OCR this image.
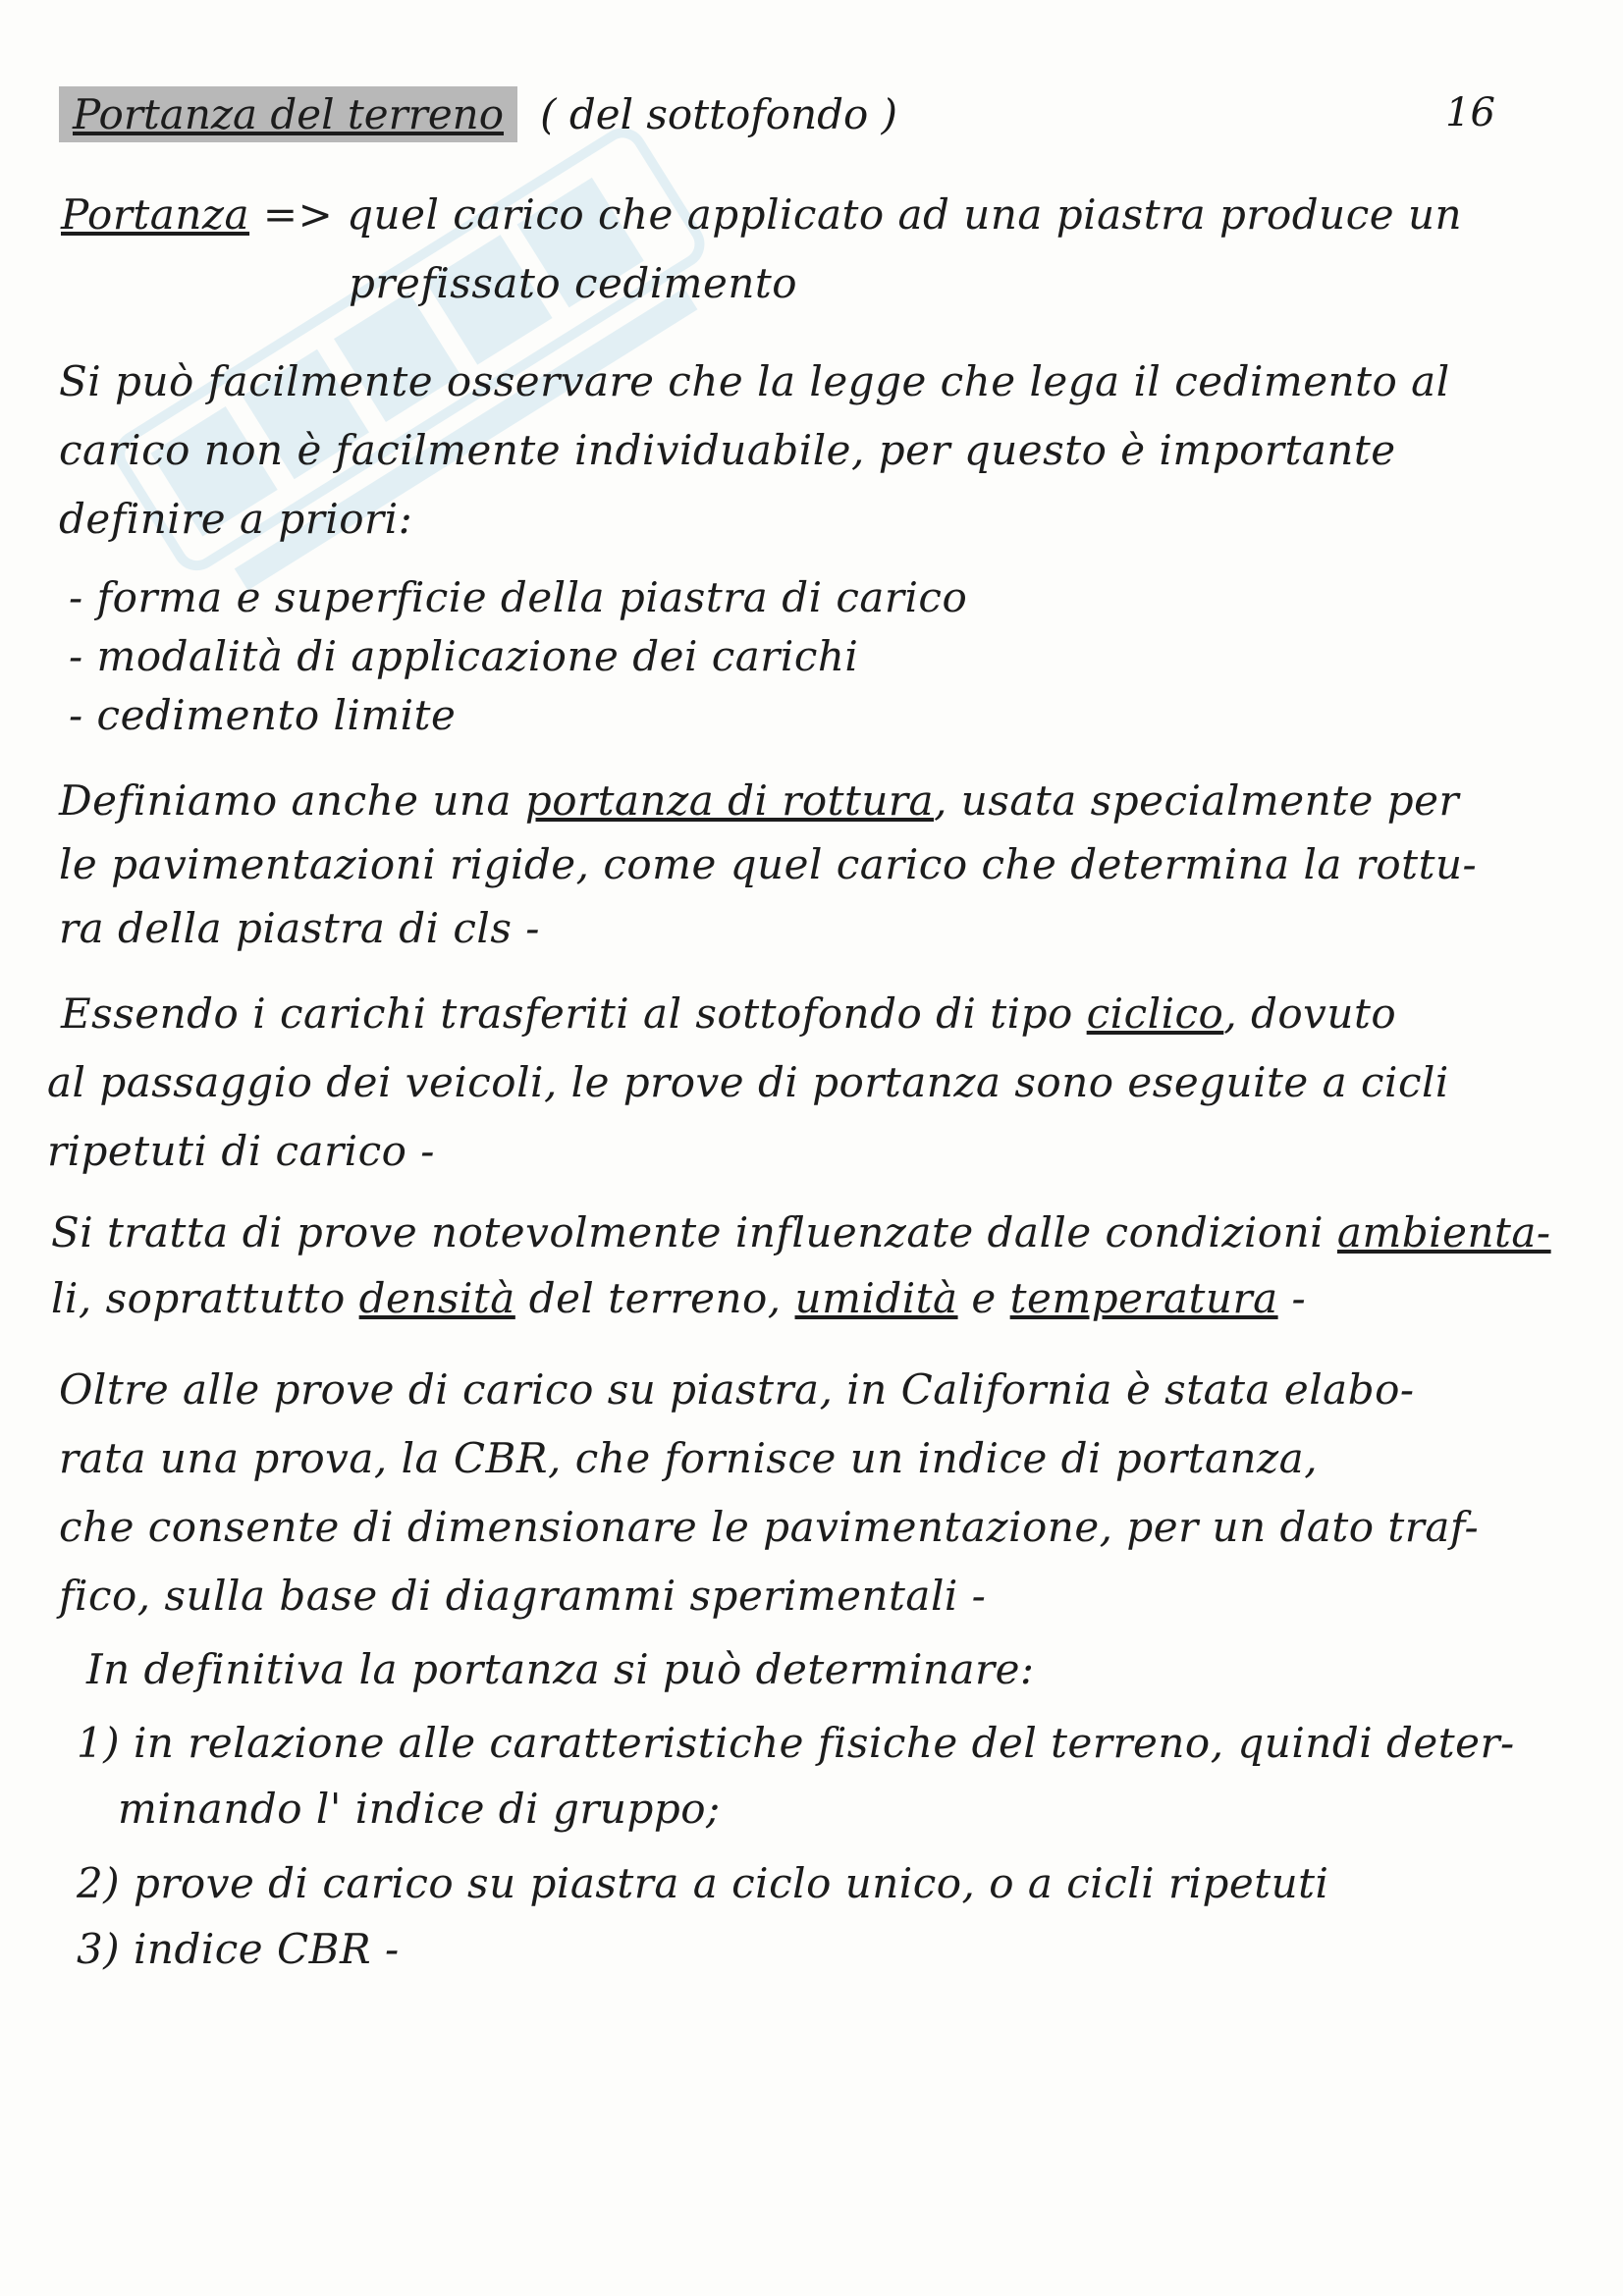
Portanza del terreno ( del sottofondo )	16
Portanza => quel carico che applicato ad una piastra produce un
prefissato cedimento
Si può facilmente osservare che la legge che lega il cedimento al
carico non è facilmente individuabile, per questo è importante
definire a priori:
- forma e superficie della piastra di carico
- modalità di applicazione dei carichi
- cedimento limite
Definiamo anche una portanza di rottura, usata specialmente per
le pavimentazioni rigide, come quel carico che determina la rottu-
ra della piastra di cls -
Essendo i carichi trasferiti al sottofondo di tipo ciclico, dovuto
al passaggio dei veicoli, le prove di portanza sono eseguite a cicli
ripetuti di carico -
Si tratta di prove notevolmente influenzate dalle condizioni ambienta-
li, soprattutto densità del terreno, umidità e temperatura -
Oltre alle prove di carico su piastra, in California è stata elabo-
rata una prova, la CBR, che fornisce un indice di portanza,
che consente di dimensionare le pavimentazione, per un dato traf-
fico, sulla base di diagrammi sperimentali -
In definitiva la portanza si può determinare:
1) in relazione alle caratteristiche fisiche del terreno, quindi deter-
minando l' indice di gruppo;
2) prove di carico su piastra a ciclo unico, o a cicli ripetuti
3) indice CBR -
